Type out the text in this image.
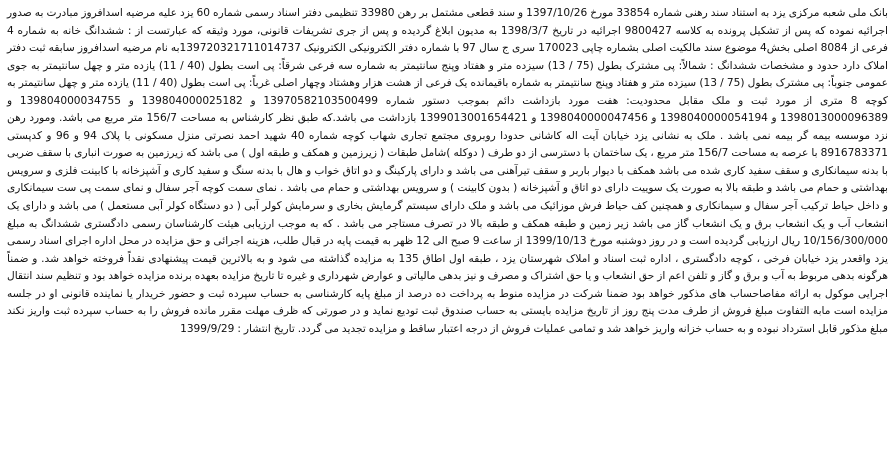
بانک ملی شعبه مرکزی یزد به استناد سند رهنی شماره 33854 مورخ 1397/10/26 و سند قطعی مشتمل بر رهن 33980 تنظیمی دفتر اسناد رسمی شماره 60 یزد علیه مرضیه اسدافروز مبادرت به صدور اجرائیه نموده که پس از تشکیل پرونده به کلاسه 9800427 اجرائیه در تاریخ 1398/3/7 به مدیون ابلاغ گردیده و پس از جری تشریفات قانونی، مورد وثیقه که عبارتست از : ششدانگ خانه به شماره 4 فرعی از 8084 اصلی بخش4 موضوع سند مالکیت اصلی بشماره چاپی 170023 سری ج سال 97 با شماره دفتر الکترونیکی الکترونیک 139720321711014737به نام مرضیه اسدافروز سابقه ثبت دفتر املاک دارد حدود و مشخصات ششدانگ : شمالاً: پی مشترک بطول (75 / 13) سیزده متر و هفتاد وپنج سانتیمتر به شماره سه فرعی شرقاً: پی است بطول (40 / 11) یازده متر و چهل سانتیمتر به جوی عمومی جنوباً: پی مشترک بطول (75 / 13) سیزده متر و هفتاد وپنج سانتیمتر به شماره باقیمانده یک فرعی از هشت هزار وهشتاد وچهار اصلی غرباً: پی است بطول (40 / 11) یازده متر و چهل سانتیمتر به کوچه 8 متری از مورد ثبت و ملک مقابل محدودیت: هفت مورد بازداشت دائم بموجب دستور شماره 13970582103500499 و 139804000025182 و 139804000034755 و 1398013000096389 و 1398040000054194 و 1398040000047456 و 1399013001654421 بازداشت می باشد.که طبق نظر کارشناس به مساحت 156/7 متر مربع می باشد. ومورد رهن نزد موسسه بیمه گر بیمه نمی باشد . ملک به نشانی یزد خیابان آیت اله کاشانی حدودا روبروی مجتمع تجاری شهاب کوچه شماره 40 شهید احمد نصرتی منزل مسکونی با پلاک 94 و 96 و کدپستی 8916783371 با عرصه به مساحت 156/7 متر مربع ، یک ساختمان با دسترسی از دو طرف ( دوکله )شامل طبقات ( زیرزمین و همکف و طبقه اول ) می باشد که زیرزمین به صورت انباری با سقف ضربی با بدنه سیمانکاری و سقف سفید کاری شده می باشد همکف با دیوار باربر و سقف تیرآهنی می باشد و دارای پارکینگ و دو اتاق خواب و هال با بدنه سنگ و سفید کاری و آشپزخانه با کابینت فلزی و سرویس بهداشتی و حمام می باشد و طبقه بالا به صورت یک سوییت دارای دو اتاق و آشپزخانه ( بدون کابینت ) و سرویس بهداشتی و حمام می باشد . نمای سمت کوچه آجر سفال و نمای سمت پی ست سیمانکاری و داخل حیاط ترکیب آجر سفال و سیمانکاری و همچنین کف حیاط فرش موزائیک می باشد و ملک دارای سیستم گرمایش بخاری و سرمایش کولر آبی ( دو دستگاه کولر آبی مستعمل ) می باشد و دارای یک انشعاب آب و یک انشعاب برق و یک انشعاب گاز می باشد زیر زمین و طبقه همکف و طبقه بالا در تصرف مستاجر می باشد . که به موجب ارزیابی هیئت کارشناسان رسمی دادگستری ششدانگ به مبلغ 10/156/300/000 ریال ارزیابی گردیده است و در روز دوشنبه مورخ 1399/10/13 از ساعت 9 صبح الی 12 ظهر به قیمت پایه در قبال طلب، هزینه اجرائی و حق مزایده در محل اداره اجرای اسناد رسمی یزد واقعدر یزد خیابان فرخی ، کوچه دادگستری ، اداره ثبت اسناد و املاک شهرستان یزد ، طبقه اول اطاق 135 به مزایده گذاشته می شود و به بالاترین قیمت پیشنهادی نقداً فروخته خواهد شد. و ضمناً هرگونه بدهی مربوط به آب و برق و گاز و تلفن اعم از حق انشعاب و یا حق اشتراک و مصرف و نیز بدهی مالیاتی و عوارض شهرداری و غیره تا تاریخ مزایده بعهده برنده مزایده خواهد بود و تنظیم سند انتقال اجرایی موکول به ارائه مفاصاحساب های مذکور خواهد بود ضمنا شرکت در مزایده منوط به پرداخت ده درصد از مبلغ پایه کارشناسی به حساب سپرده ثبت و حضور خریدار یا نماینده قانونی او در جلسه مزایده است مابه التفاوت مبلغ فروش از طرف مدت پنج روز از تاریخ مزایده بایستی به حساب صندوق ثبت تودیع نماید و در صورتی که ظرف مهلت مقرر مانده فروش را به حساب سپرده ثبت واریز نکند مبلغ مذکور قابل استرداد نبوده و به حساب خزانه واریز خواهد شد و تمامی عملیات فروش از درجه اعتبار ساقط و مزایده تجدید می گردد. تاریخ انتشار : 1399/9/29
